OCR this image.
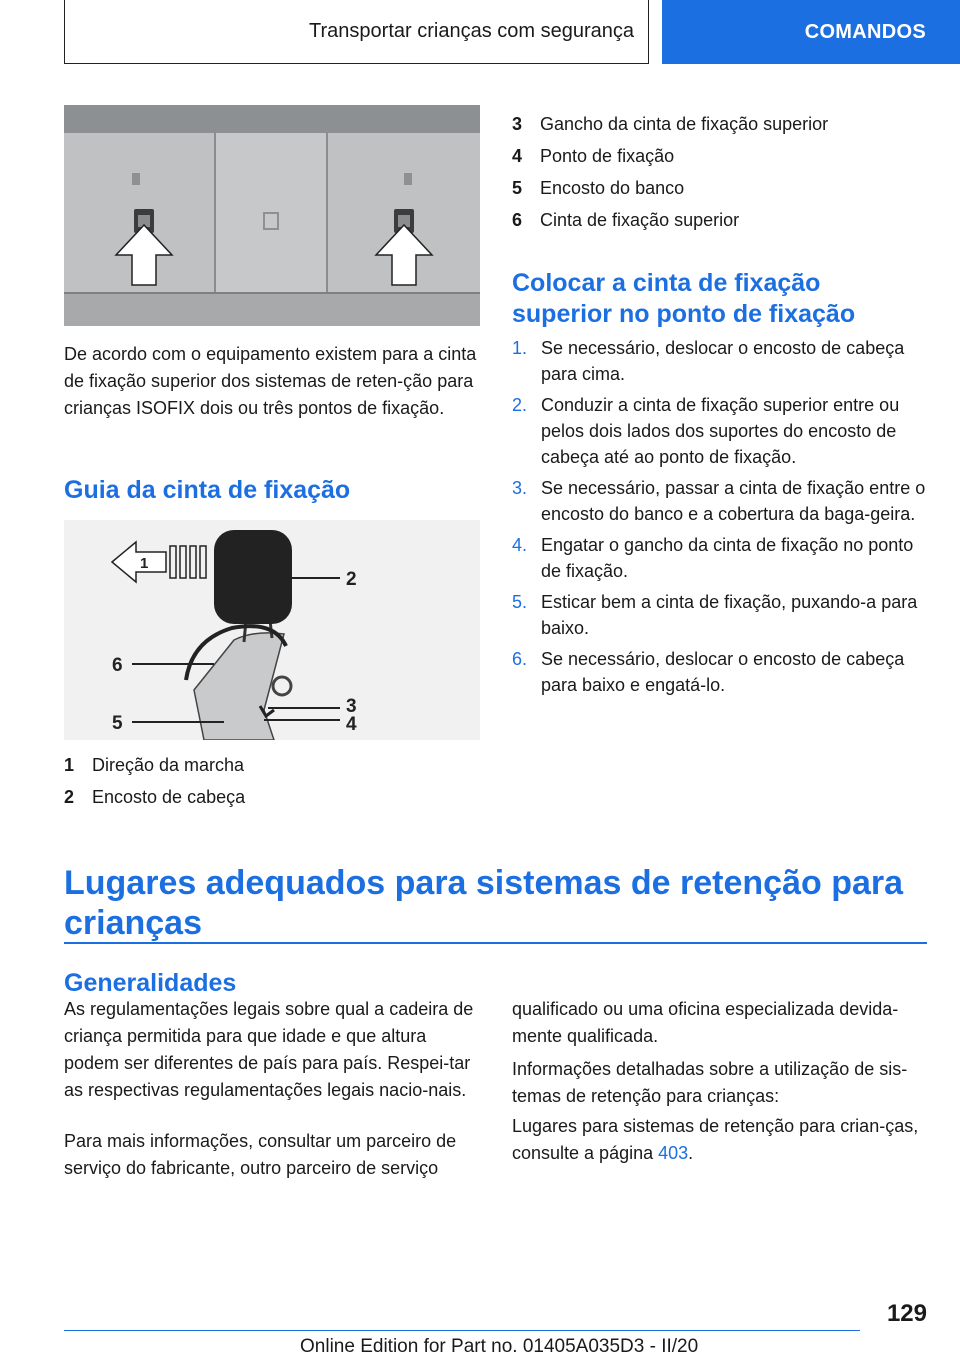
Transportar crianças com segurança	COMANDOS

De acordo com o equipamento existem para a cinta de fixação superior dos sistemas de reten-ção para crianças ISOFIX dois ou três pontos de fixação.

Guia da cinta de fixação
1
2
3
4
5
6
1 Direção da marcha
2 Encosto de cabeça
3 Gancho da cinta de fixação superior
4 Ponto de fixação
5 Encosto do banco
6 Cinta de fixação superior
Colocar a cinta de fixação superior no ponto de fixação
1. Se necessário, deslocar o encosto de cabeça para cima.
2. Conduzir a cinta de fixação superior entre ou pelos dois lados dos suportes do encosto de cabeça até ao ponto de fixação.
3. Se necessário, passar a cinta de fixação entre o encosto do banco e a cobertura da baga-geira.
4. Engatar o gancho da cinta de fixação no ponto de fixação.
5. Esticar bem a cinta de fixação, puxando-a para baixo.
6. Se necessário, deslocar o encosto de cabeça para baixo e engatá-lo.
Lugares adequados para sistemas de retenção para crianças
Generalidades

As regulamentações legais sobre qual a cadeira de criança permitida para que idade e que altura podem ser diferentes de país para país. Respei-tar as respectivas regulamentações legais nacio-nais.

Para mais informações, consultar um parceiro de serviço do fabricante, outro parceiro de serviço

qualificado ou uma oficina especializada devida-mente qualificada.

Informações detalhadas sobre a utilização de sis-temas de retenção para crianças:

Lugares para sistemas de retenção para crian-ças, consulte a página 403.

129
Online Edition for Part no. 01405A035D3 - II/20
